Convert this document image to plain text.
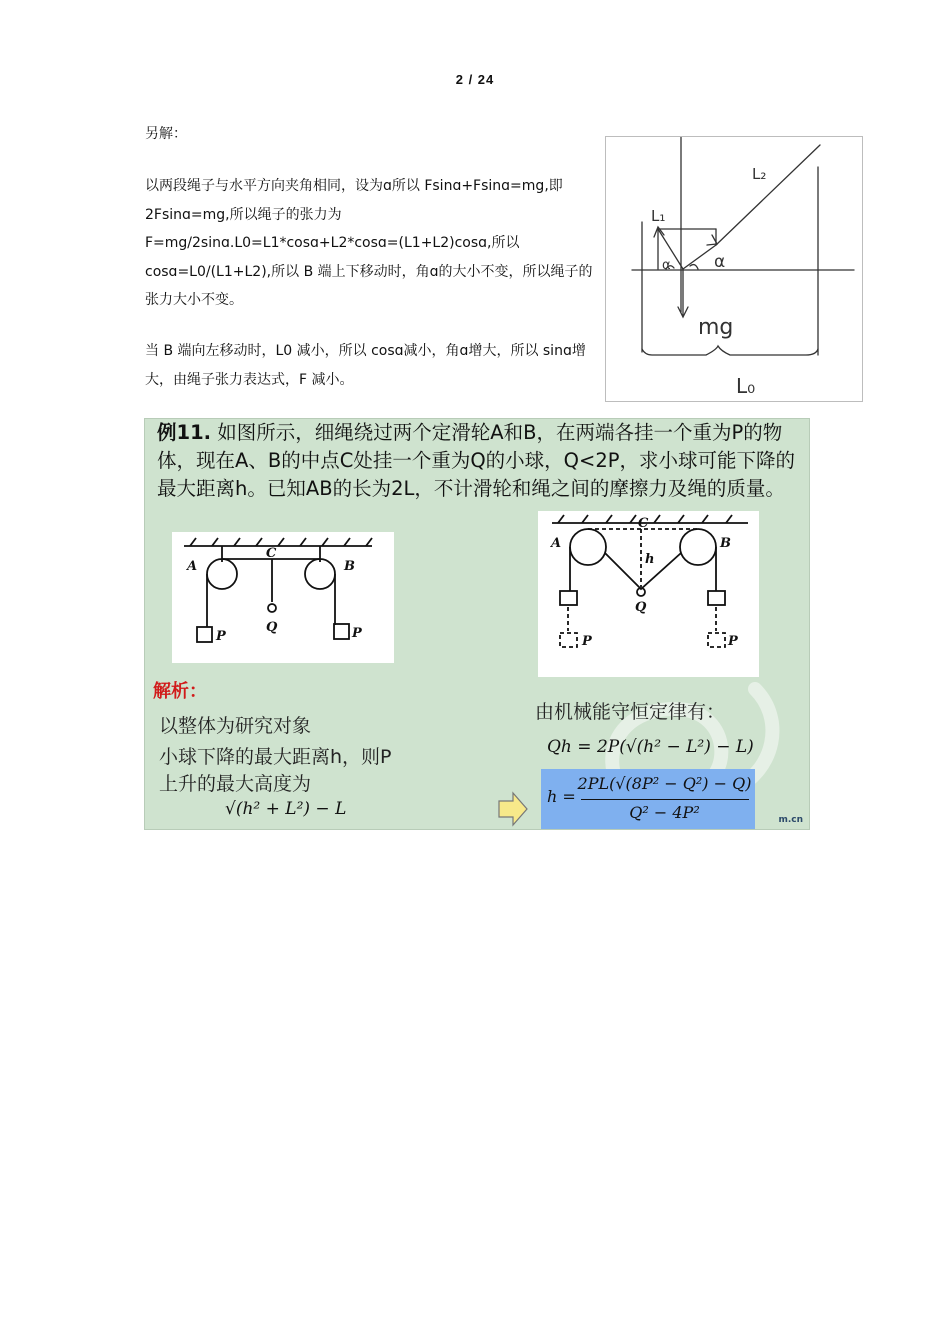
2 / 24
另解：
以两段绳子与水平方向夹角相同，设为ɑ所以 Fsinɑ+Fsinɑ=mg,即 2Fsinɑ=mg,所以绳子的张力为 F=mg/2sinɑ.L0=L1*cosɑ+L2*cosɑ=(L1+L2)cosɑ,所以 cosɑ=L0/(L1+L2),所以 B 端上下移动时，角ɑ的大小不变，所以绳子的张力大小不变。
当 B 端向左移动时，L0 减小，所以 cosɑ减小，角ɑ增大，所以 sinɑ增大，由绳子张力表达式，F 减小。
L₁
L₂
α	α
mg
L₀
例11. 如图所示，细绳绕过两个定滑轮A和B，在两端各挂一个重为P的物体，现在A、B的中点C处挂一个重为Q的小球，Q<2P，求小球可能下降的最大距离h。已知AB的长为2L，不计滑轮和绳之间的摩擦力及绳的质量。
A	B
C
Q
P	P
A	B
C
h
Q
P	P
解析：
以整体为研究对象
小球下降的最大距离h，则P
上升的最大高度为
√(h² + L²) − L
由机械能守恒定律有：
Qh = 2P(√(h² − L²) − L)
h =
2PL(√(8P² − Q²) − Q)
Q² − 4P²	m.cn
